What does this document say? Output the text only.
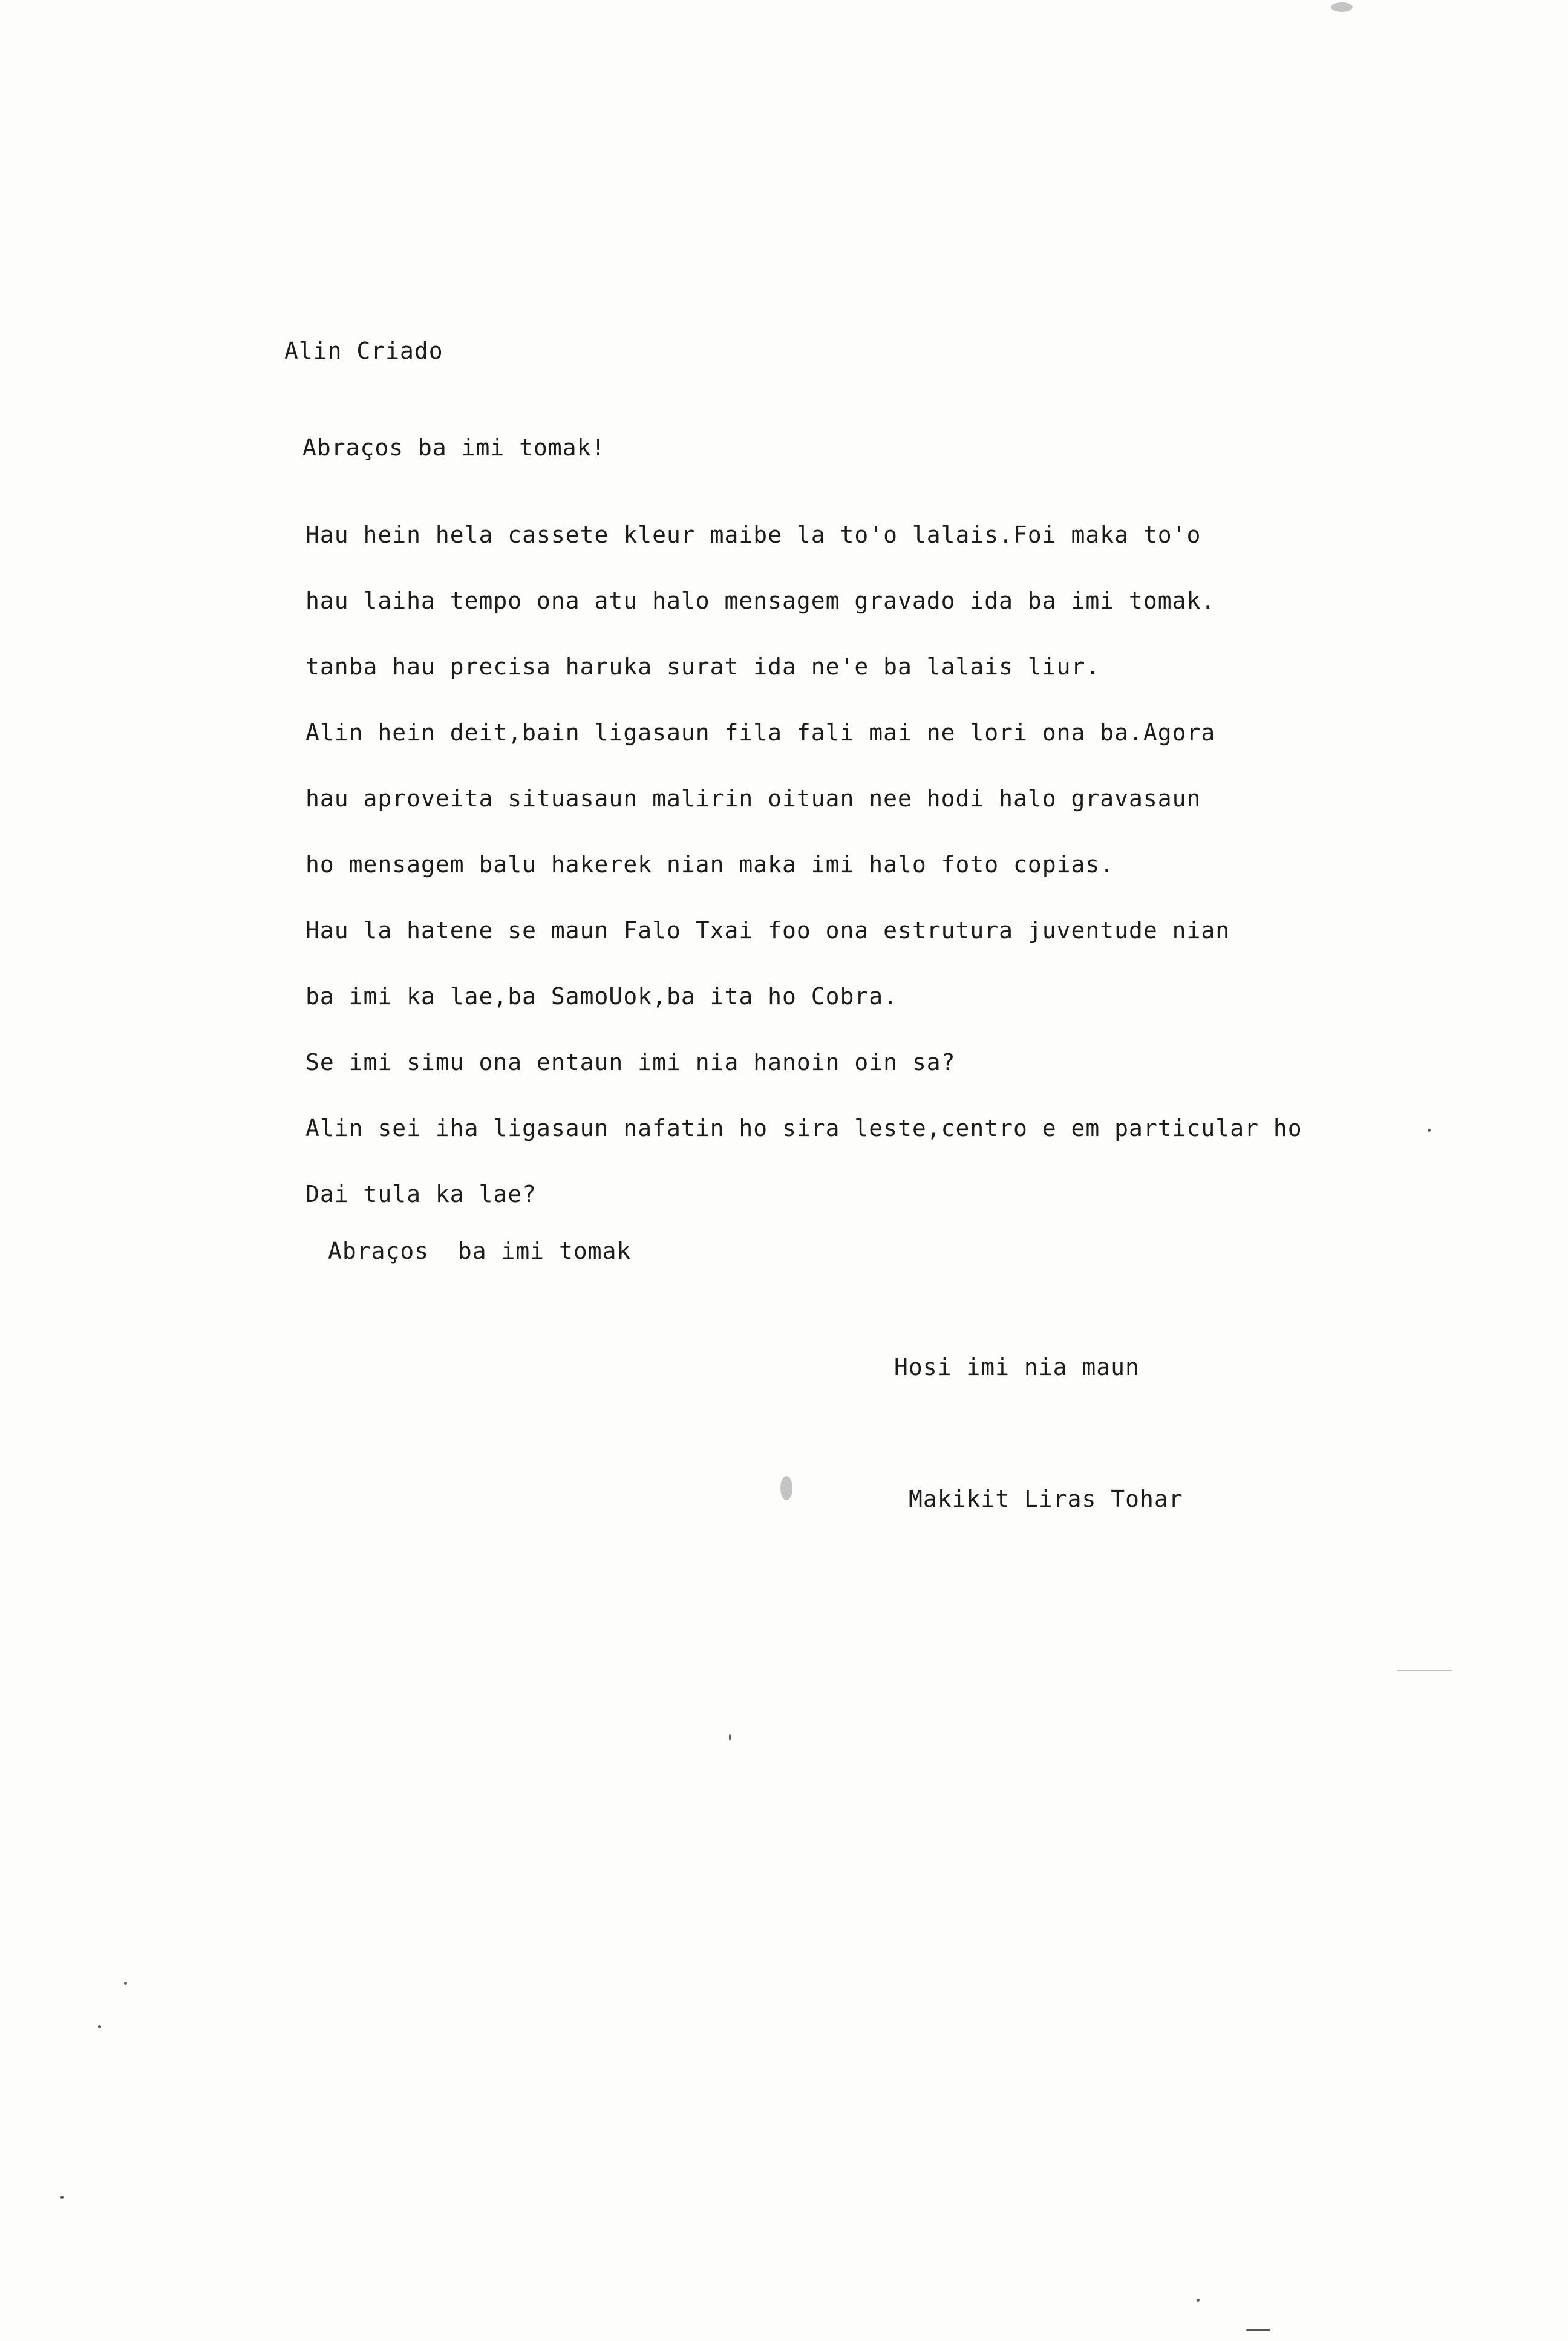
Alin Criado
Abraços ba imi tomak!
Hau hein hela cassete kleur maibe la to'o lalais.Foi maka to'o
hau laiha tempo ona atu halo mensagem gravado ida ba imi tomak.
tanba hau precisa haruka surat ida ne'e ba lalais liur.
Alin hein deit,bain ligasaun fila fali mai ne lori ona ba.Agora
hau aproveita situasaun malirin oituan nee hodi halo gravasaun
ho mensagem balu hakerek nian maka imi halo foto copias.
Hau la hatene se maun Falo Txai foo ona estrutura juventude nian
ba imi ka lae,ba SamoUok,ba ita ho Cobra.
Se imi simu ona entaun imi nia hanoin oin sa?
Alin sei iha ligasaun nafatin ho sira leste,centro e em particular ho
Dai tula ka lae?
Abraços  ba imi tomak
Hosi imi nia maun
Makikit Liras Tohar
